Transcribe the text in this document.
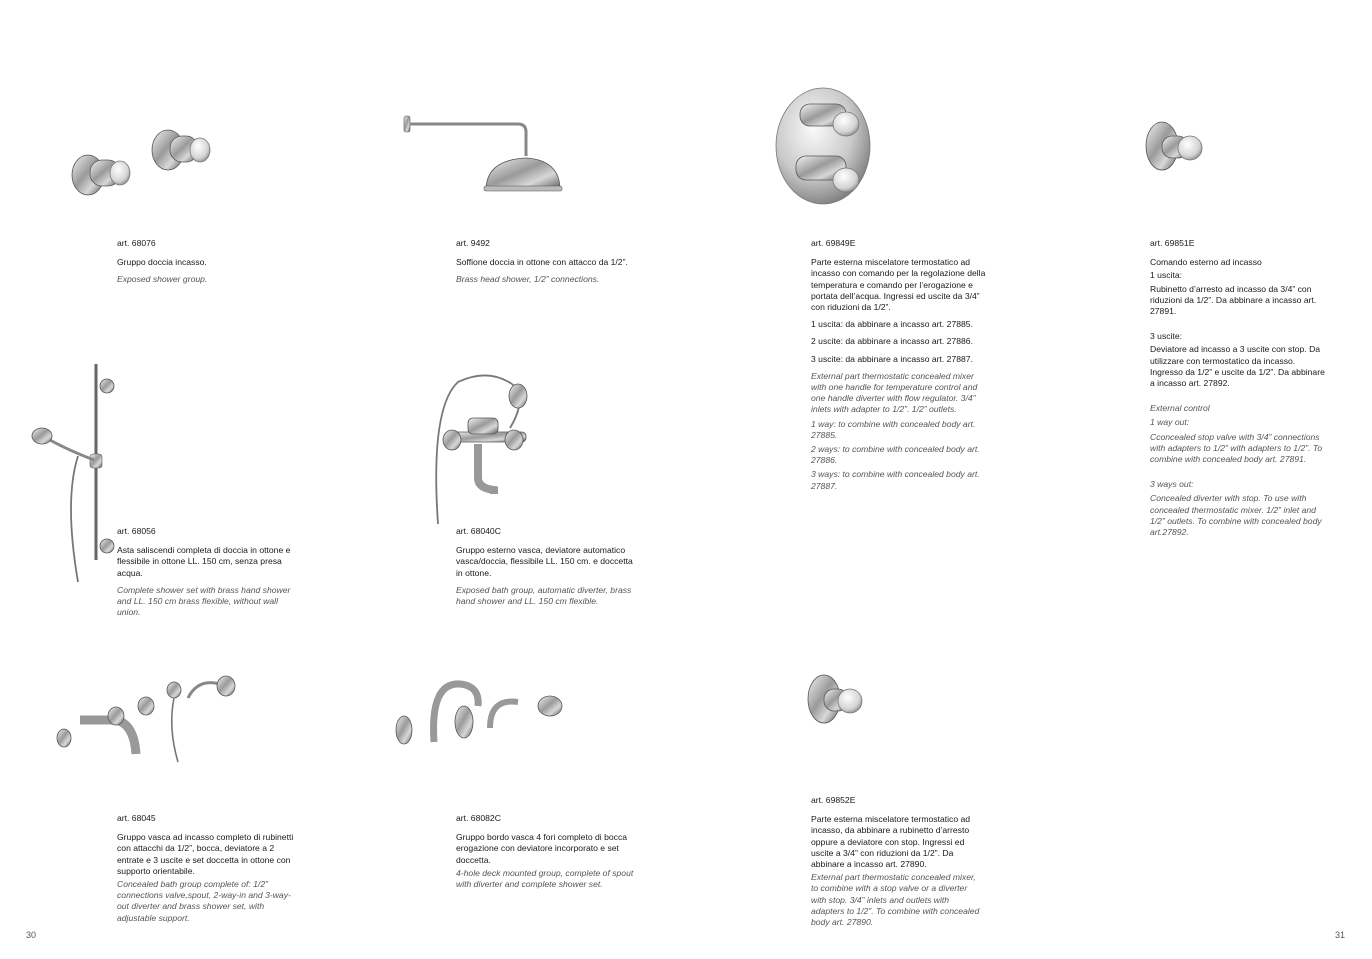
art. 68076

Gruppo doccia incasso.

Exposed shower group.

art. 9492

Soffione doccia in ottone con attacco da 1/2”.

Brass head shower, 1/2” connections.

art. 69849E

Parte esterna miscelatore termostatico ad incasso con comando per la regolazione della temperatura e comando per l’erogazione e portata dell’acqua. Ingressi ed uscite da 3/4” con riduzioni da 1/2”.

1 uscita: da abbinare a incasso art. 27885.

2 uscite: da abbinare a incasso art. 27886.

3 uscite: da abbinare a incasso art. 27887.

External part thermostatic concealed mixer with one handle for temperature control and one handle diverter with flow regulator. 3/4” inlets with adapter to 1/2”. 1/2” outlets.

1 way: to combine with concealed body art. 27885.

2 ways: to combine with concealed body art. 27886.

3 ways: to combine with concealed body art. 27887.

art. 69851E

Comando esterno ad incasso

1 uscita:

Rubinetto d’arresto ad incasso da 3/4” con riduzioni da 1/2”. Da abbinare a incasso art. 27891.

3 uscite:

Deviatore ad incasso a 3 uscite con stop. Da utilizzare con termostatico da incasso. Ingresso da 1/2” e uscite da 1/2”. Da abbinare a incasso art. 27892.

External control

1 way out:

Cconcealed stop valve with 3/4” connections with adapters to 1/2” with adapters to 1/2”. To combine with concealed body art. 27891.

3 ways out:

Concealed diverter with stop. To use with concealed thermostatic mixer. 1/2” inlet and 1/2” outlets. To combine with concealed body art.27892.

art. 68056

Asta saliscendi completa di doccia in ottone e flessibile in ottone LL. 150 cm, senza presa acqua.

Complete shower set with brass hand shower and LL. 150 cm brass flexible, without wall union.

art. 68040C

Gruppo esterno vasca, deviatore automatico vasca/doccia, flessibile LL. 150 cm. e doccetta in ottone.

Exposed bath group, automatic diverter, brass hand shower and LL. 150 cm flexible.

art. 68045

Gruppo vasca ad incasso completo di rubinetti con attacchi da 1/2”, bocca, deviatore a 2 entrate e 3 uscite e set doccetta in ottone con supporto orientabile.

Concealed bath group complete of: 1/2” connections valve,spout, 2-way-in and 3-way-out diverter and brass shower set, with adjustable support.

art. 68082C

Gruppo bordo vasca 4 fori completo di bocca erogazione con deviatore incorporato e set doccetta.

4-hole deck mounted group, complete of spout with diverter and complete shower set.

art. 69852E

Parte esterna miscelatore termostatico ad incasso, da abbinare a rubinetto d’arresto oppure a deviatore con stop. Ingressi ed uscite a 3/4” con riduzioni da 1/2”. Da abbinare a incasso art. 27890.

External part thermostatic concealed mixer, to combine with a stop valve or a diverter with stop. 3/4” inlets and outlets with adapters to 1/2”. To combine with concealed body art. 27890.

30	31
